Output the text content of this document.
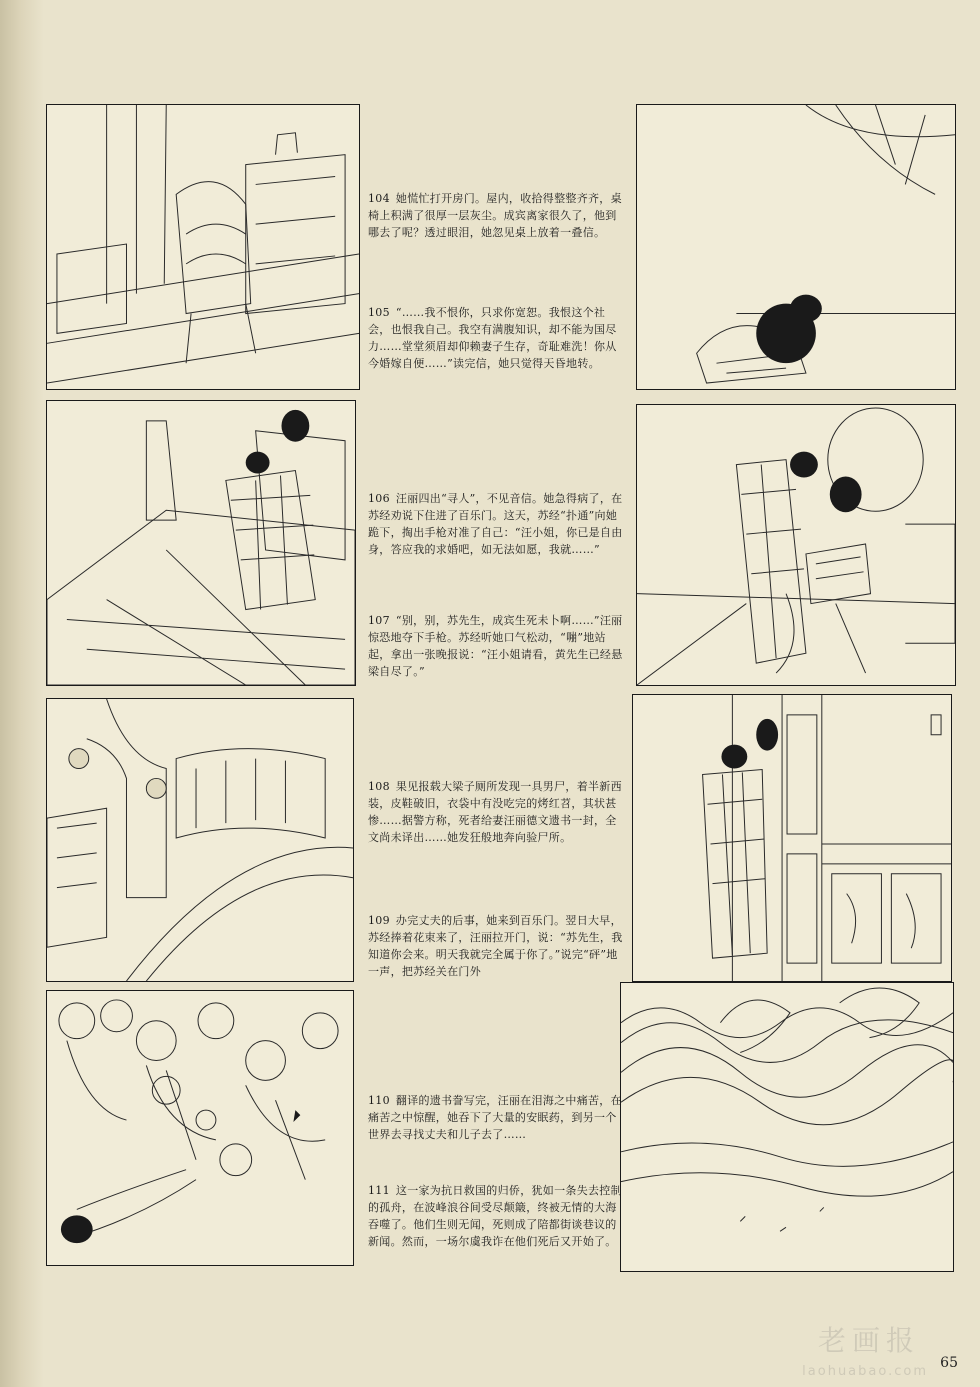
104 她慌忙打开房门。屋内，收拾得整整齐齐，桌椅上积满了很厚一层灰尘。成宾离家很久了，他到哪去了呢？透过眼泪，她忽见桌上放着一叠信。
105 “……我不恨你，只求你宽恕。我恨这个社会，也恨我自己。我空有满腹知识，却不能为国尽力……堂堂须眉却仰赖妻子生存，奇耻难洗！你从今婚嫁自便……”读完信，她只觉得天昏地转。
106 汪丽四出“寻人”，不见音信。她急得病了，在苏经劝说下住进了百乐门。这天，苏经“扑通”向她跪下，掏出手枪对准了自己：“汪小姐，你已是自由身，答应我的求婚吧，如无法如愿，我就……”
107 “别，别，苏先生，成宾生死未卜啊……”汪丽惊恐地夺下手枪。苏经听她口气松动，“嘣”地站起，拿出一张晚报说：“汪小姐请看，黄先生已经悬梁自尽了。”
108 果见报载大梁子厕所发现一具男尸，着半新西装，皮鞋破旧，衣袋中有没吃完的烤红苕，其状甚惨……据警方称，死者给妻汪丽德文遗书一封，全文尚未译出……她发狂般地奔向验尸所。
109 办完丈夫的后事，她来到百乐门。翌日大早，苏经捧着花束来了，汪丽拉开门，说：“苏先生，我知道你会来。明天我就完全属于你了。”说完“砰”地一声，把苏经关在门外
110 翻译的遗书誊写完，汪丽在泪海之中痛苦，在痛苦之中惊醒，她吞下了大量的安眠药，到另一个世界去寻找丈夫和儿子去了……
111 这一家为抗日救国的归侨，犹如一条失去控制的孤舟，在波峰浪谷间受尽颠簸，终被无情的大海吞噬了。他们生则无闻，死则成了陪都街谈巷议的新闻。然而，一场尔虞我诈在他们死后又开始了。
老画报
laohuabao.com
65
